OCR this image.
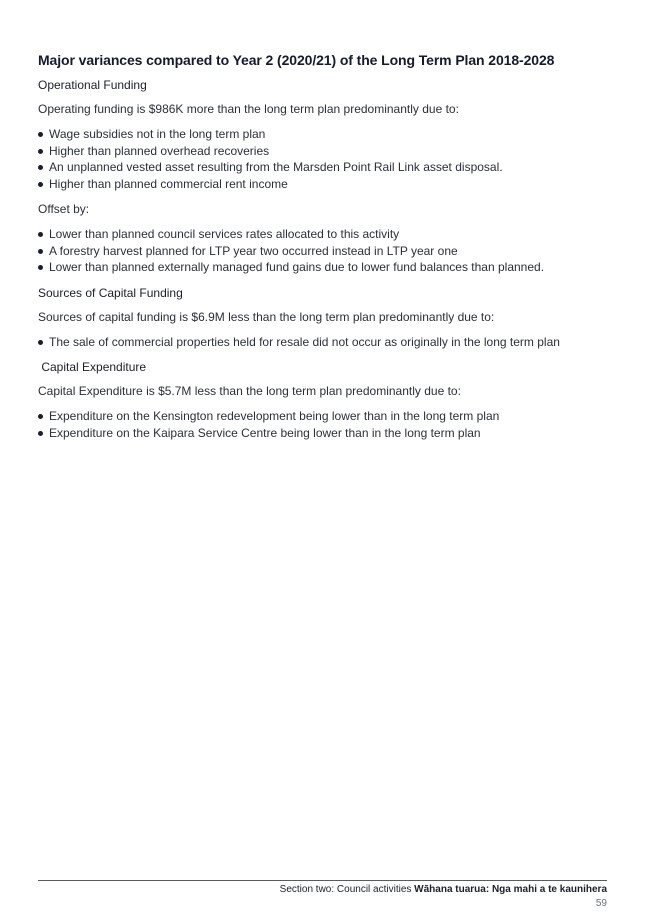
Major variances compared to Year 2 (2020/21) of the Long Term Plan 2018-2028
Operational Funding
Operating funding is $986K more than the long term plan predominantly due to:
Wage subsidies not in the long term plan
Higher than planned overhead recoveries
An unplanned vested asset resulting from the Marsden Point Rail Link asset disposal.
Higher than planned commercial rent income
Offset by:
Lower than planned council services rates allocated to this activity
A forestry harvest planned for LTP year two occurred instead in LTP year one
Lower than planned externally managed fund gains due to lower fund balances than planned.
Sources of Capital Funding
Sources of capital funding is $6.9M less than the long term plan predominantly due to:
The sale of commercial properties held for resale did not occur as originally in the long term plan
Capital Expenditure
Capital Expenditure is $5.7M less than the long term plan predominantly due to:
Expenditure on the Kensington redevelopment being lower than in the long term plan
Expenditure on the Kaipara Service Centre being lower than in the long term plan
Section two: Council activities Wāhana tuarua: Nga mahi a te kaunihera
59
